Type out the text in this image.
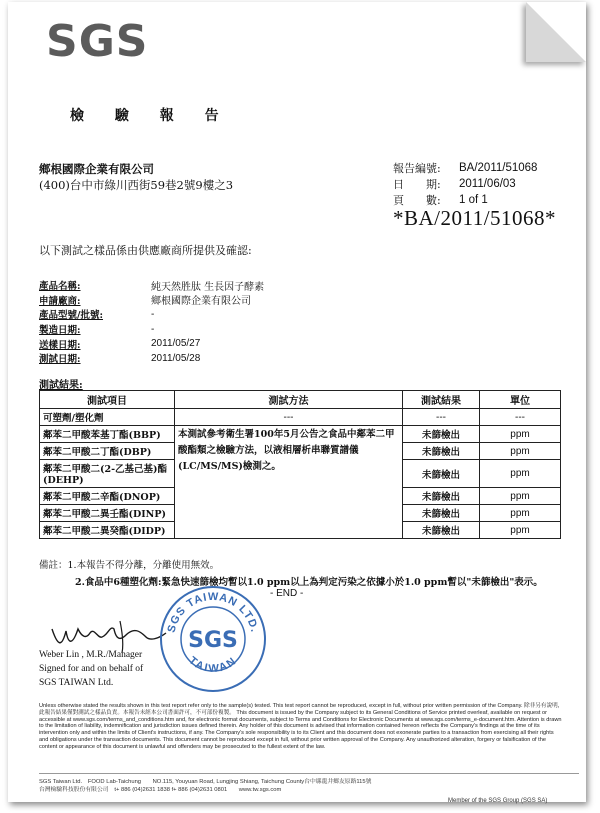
SGS
檢 驗 報 告
鄉根國際企業有限公司
(400)台中市綠川西街59巷2號9樓之3
報告編號:	BA/2011/51068
日　　期:	2011/06/03
頁　　數:	1 of 1
*BA/2011/51068*
以下測試之樣品係由供應廠商所提供及確認:
產品名稱:	純天然胜肽 生長因子酵素
申請廠商:	鄉根國際企業有限公司
產品型號/批號:	-
製造日期:	-
送樣日期:	2011/05/27
測試日期:	2011/05/28
測試結果:
測試項目	測試方法	測試結果	單位
可塑劑/塑化劑	---	---	---
鄰苯二甲酸苯基丁酯(BBP)	本測試參考衛生署100年5月公告之食品中鄰苯二甲酸酯類之檢驗方法，以液相層析串聯質譜儀(LC/MS/MS)檢測之。	未篩檢出	ppm
鄰苯二甲酸二丁酯(DBP)		未篩檢出	ppm
鄰苯二甲酸二(2-乙基己基)酯(DEHP)		未篩檢出	ppm
鄰苯二甲酸二辛酯(DNOP)		未篩檢出	ppm
鄰苯二甲酸二異壬酯(DINP)		未篩檢出	ppm
鄰苯二甲酸二異癸酯(DIDP)		未篩檢出	ppm
備註：1.本報告不得分離，分離使用無效。
2.食品中6種塑化劑:緊急快速篩檢均暫以1.0 ppm以上為判定污染之依據小於1.0 ppm暫以"未篩檢出"表示。
- END -
SGS TAIWAN LTD.
TAIWAN
SGS
Weber Lin , M.R./Manager
Signed for and on behalf of
SGS TAIWAN Ltd.
Unless otherwise stated the results shown in this test report refer only to the sample(s) tested. This test report cannot be reproduced, except in full, without prior written permission of the Company. 除非另有說明，此報告結果僅對測試之樣品負責。本報告未經本公司書面許可，不可部份複製。 This document is issued by the Company subject to its General Conditions of Service printed overleaf, available on request or accessible at www.sgs.com/terms_and_conditions.htm and, for electronic format documents, subject to Terms and Conditions for Electronic Documents at www.sgs.com/terms_e-document.htm. Attention is drawn to the limitation of liability, indemnification and jurisdiction issues defined therein. Any holder of this document is advised that information contained hereon reflects the Company's findings at the time of its intervention only and within the limits of Client's instructions, if any. The Company's sole responsibility is to its Client and this document does not exonerate parties to a transaction from exercising all their rights and obligations under the transaction documents. This document cannot be reproduced except in full, without prior written approval of the Company. Any unauthorized alteration, forgery or falsification of the content or appearance of this document is unlawful and offenders may be prosecuted to the fullest extent of the law.
SGS Taiwan Ltd.　FOOD Lab-Taichung　　NO.115, Youyuan Road, Lungjing Shiang, Taichung County台中縣龍井鄉友原路115號
台灣檢驗科技股份有限公司　t+ 886 (04)2631 1838 f+ 886 (04)2631 0801　　www.tw.sgs.com
Member of the SGS Group (SGS SA)
